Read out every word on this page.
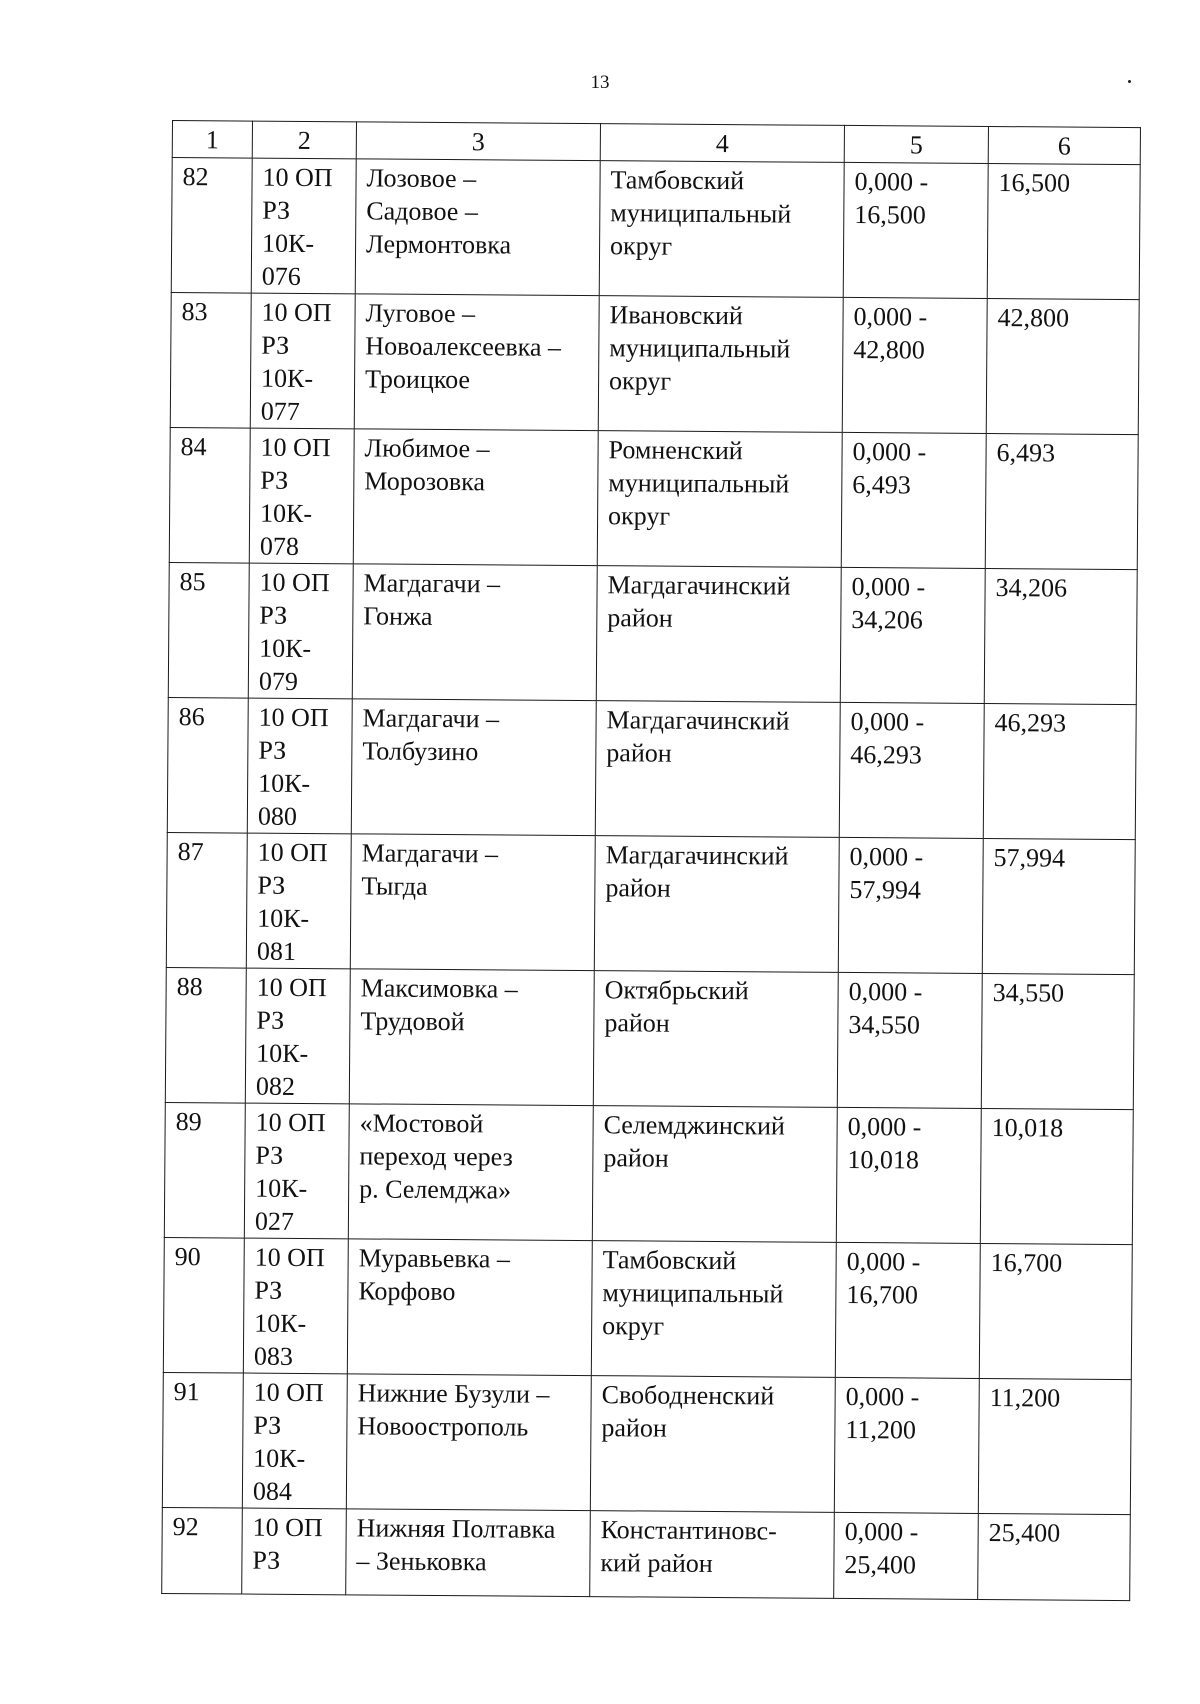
13
1	2	3	4	5	6
82	10 ОП
РЗ
10К-
076	Лозовое –
Садовое –
Лермонтовка	Тамбовский
муниципальный
округ	0,000 -
16,500	16,500
83	10 ОП
РЗ
10К-
077	Луговое –
Новоалексеевка –
Троицкое	Ивановский
муниципальный
округ	0,000 -
42,800	42,800
84	10 ОП
РЗ
10К-
078	Любимое –
Морозовка	Ромненский
муниципальный
округ	0,000 -
6,493	6,493
85	10 ОП
РЗ
10К-
079	Магдагачи –
Гонжа	Магдагачинский
район	0,000 -
34,206	34,206
86	10 ОП
РЗ
10К-
080	Магдагачи –
Толбузино	Магдагачинский
район	0,000 -
46,293	46,293
87	10 ОП
РЗ
10К-
081	Магдагачи –
Тыгда	Магдагачинский
район	0,000 -
57,994	57,994
88	10 ОП
РЗ
10К-
082	Максимовка –
Трудовой	Октябрьский
район	0,000 -
34,550	34,550
89	10 ОП
РЗ
10К-
027	«Мостовой
переход через
р. Селемджа»	Селемджинский
район	0,000 -
10,018	10,018
90	10 ОП
РЗ
10К-
083	Муравьевка –
Корфово	Тамбовский
муниципальный
округ	0,000 -
16,700	16,700
91	10 ОП
РЗ
10К-
084	Нижние Бузули –
Новоостpoполь	Свободненский
район	0,000 -
11,200	11,200
92	10 ОП
РЗ	Нижняя Полтавка
– Зеньковка	Константиновс-
кий район	0,000 -
25,400	25,400
